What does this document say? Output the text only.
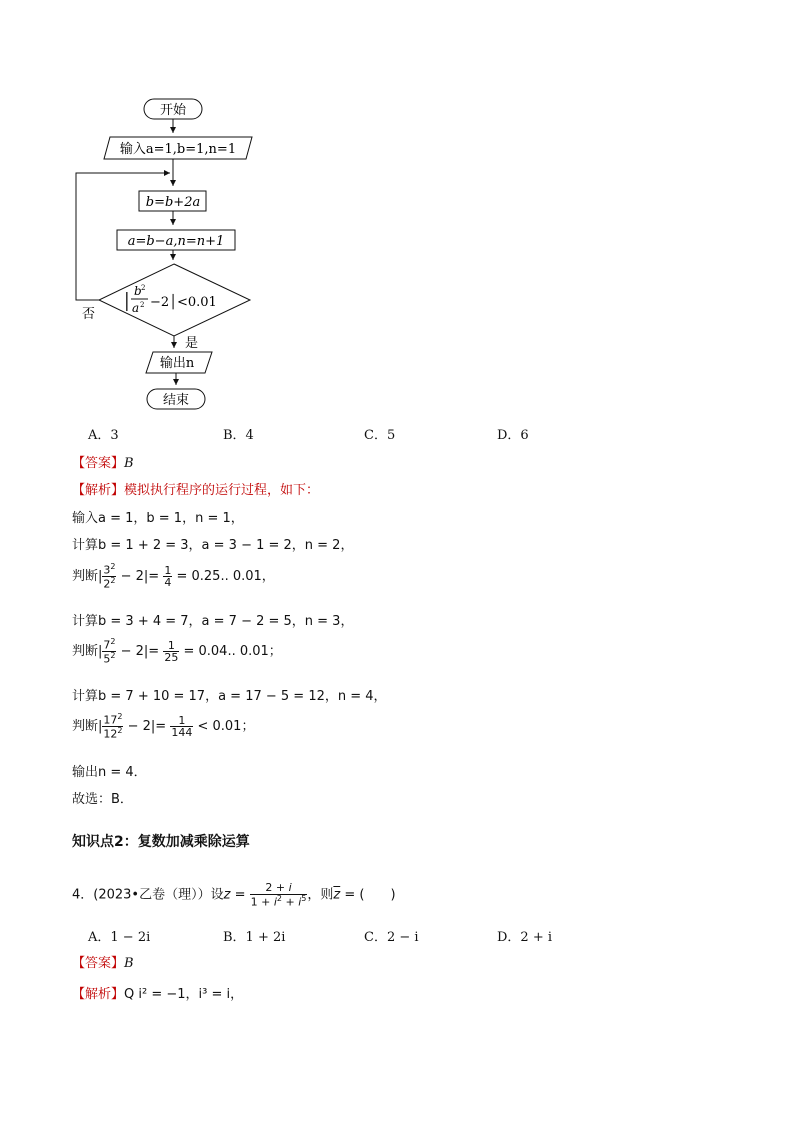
开始
输入a=1,b=1,n=1
b=b+2a
a=b−a,n=n+1
│
b 2
a 2 −2│<0.01
否
是
输出n
结束
A．3	B．4	C．5	D．6
【答案】B
【解析】模拟执行程序的运行过程，如下：
输入a = 1，b = 1，n = 1，
计算b = 1 + 2 = 3，a = 3 − 1 = 2，n = 2，
判断| $\frac{3^2}{2^2} - 2|= \frac{1}{4} = 0.25$.. 0.01，
计算b = 3 + 4 = 7，a = 7 − 2 = 5，n = 3，
判断| $\frac{7^2}{5^2} - 2|= \frac{1}{25} = 0.04$.. 0.01；
计算b = 7 + 10 = 17，a = 17 − 5 = 12，n = 4，
判断| $\frac{17^2}{12^2} - 2|= \frac{1}{144} < 0.01$；
输出n = 4．
故选：B．
知识点2：复数加减乘除运算
4．(2023•乙卷（理））设$z = \frac{2 + i}{1 + i^2 + i^5}$ ，则$\overline{z}$ = (　　)
A．1 − 2i	B．1 + 2i	C．2 − i	D．2 + i
【答案】B
【解析】Q i² = −1，i³ = i，
